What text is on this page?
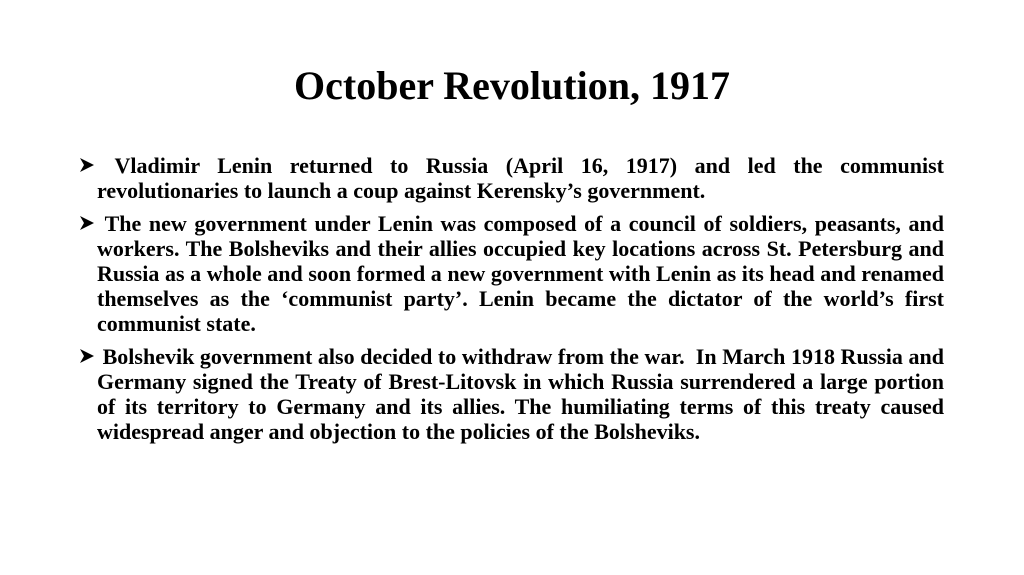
October Revolution, 1917
Vladimir Lenin returned to Russia (April 16, 1917) and led the communist revolutionaries to launch a coup against Kerensky’s government.
The new government under Lenin was composed of a council of soldiers, peasants, and workers. The Bolsheviks and their allies occupied key locations across St. Petersburg and Russia as a whole and soon formed a new government with Lenin as its head and renamed themselves as the ‘communist party’. Lenin became the dictator of the world’s first communist state.
Bolshevik government also decided to withdraw from the war.  In March 1918 Russia and Germany signed the Treaty of Brest-Litovsk in which Russia surrendered a large portion of its territory to Germany and its allies. The humiliating terms of this treaty caused widespread anger and objection to the policies of the Bolsheviks.
